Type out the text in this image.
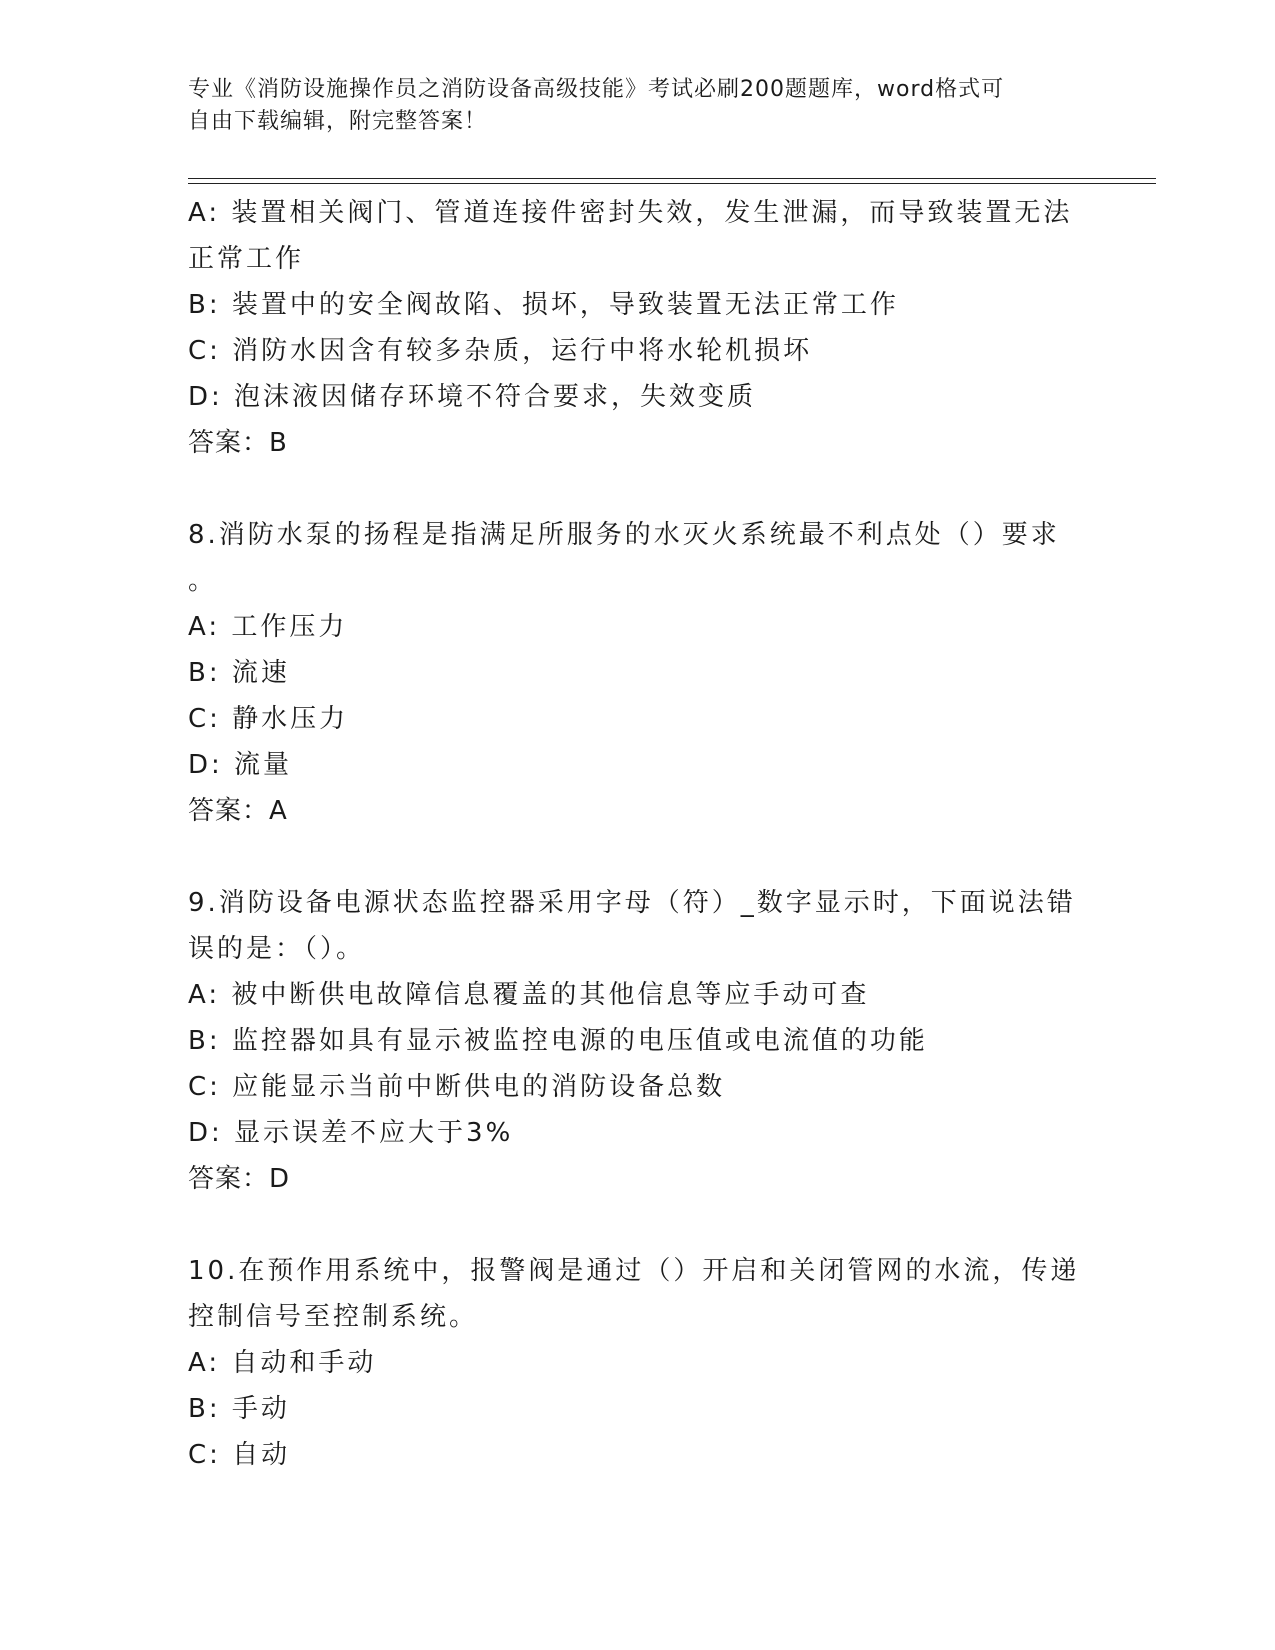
专业《消防设施操作员之消防设备高级技能》考试必刷200题题库，word格式可
自由下载编辑，附完整答案！
A: 装置相关阀门、管道连接件密封失效，发生泄漏，而导致装置无法
正常工作
B: 装置中的安全阀故陷、损坏，导致装置无法正常工作
C: 消防水因含有较多杂质，运行中将水轮机损坏
D: 泡沫液因储存环境不符合要求，失效变质
答案：B
8.消防水泵的扬程是指满足所服务的水灭火系统最不利点处（）要求
。
A: 工作压力
B: 流速
C: 静水压力
D: 流量
答案：A
9.消防设备电源状态监控器采用字母（符）_数字显示时，下面说法错
误的是：（）。
A: 被中断供电故障信息覆盖的其他信息等应手动可查
B: 监控器如具有显示被监控电源的电压值或电流值的功能
C: 应能显示当前中断供电的消防设备总数
D: 显示误差不应大于3%
答案：D
10.在预作用系统中，报警阀是通过（）开启和关闭管网的水流，传递
控制信号至控制系统。
A: 自动和手动
B: 手动
C: 自动
